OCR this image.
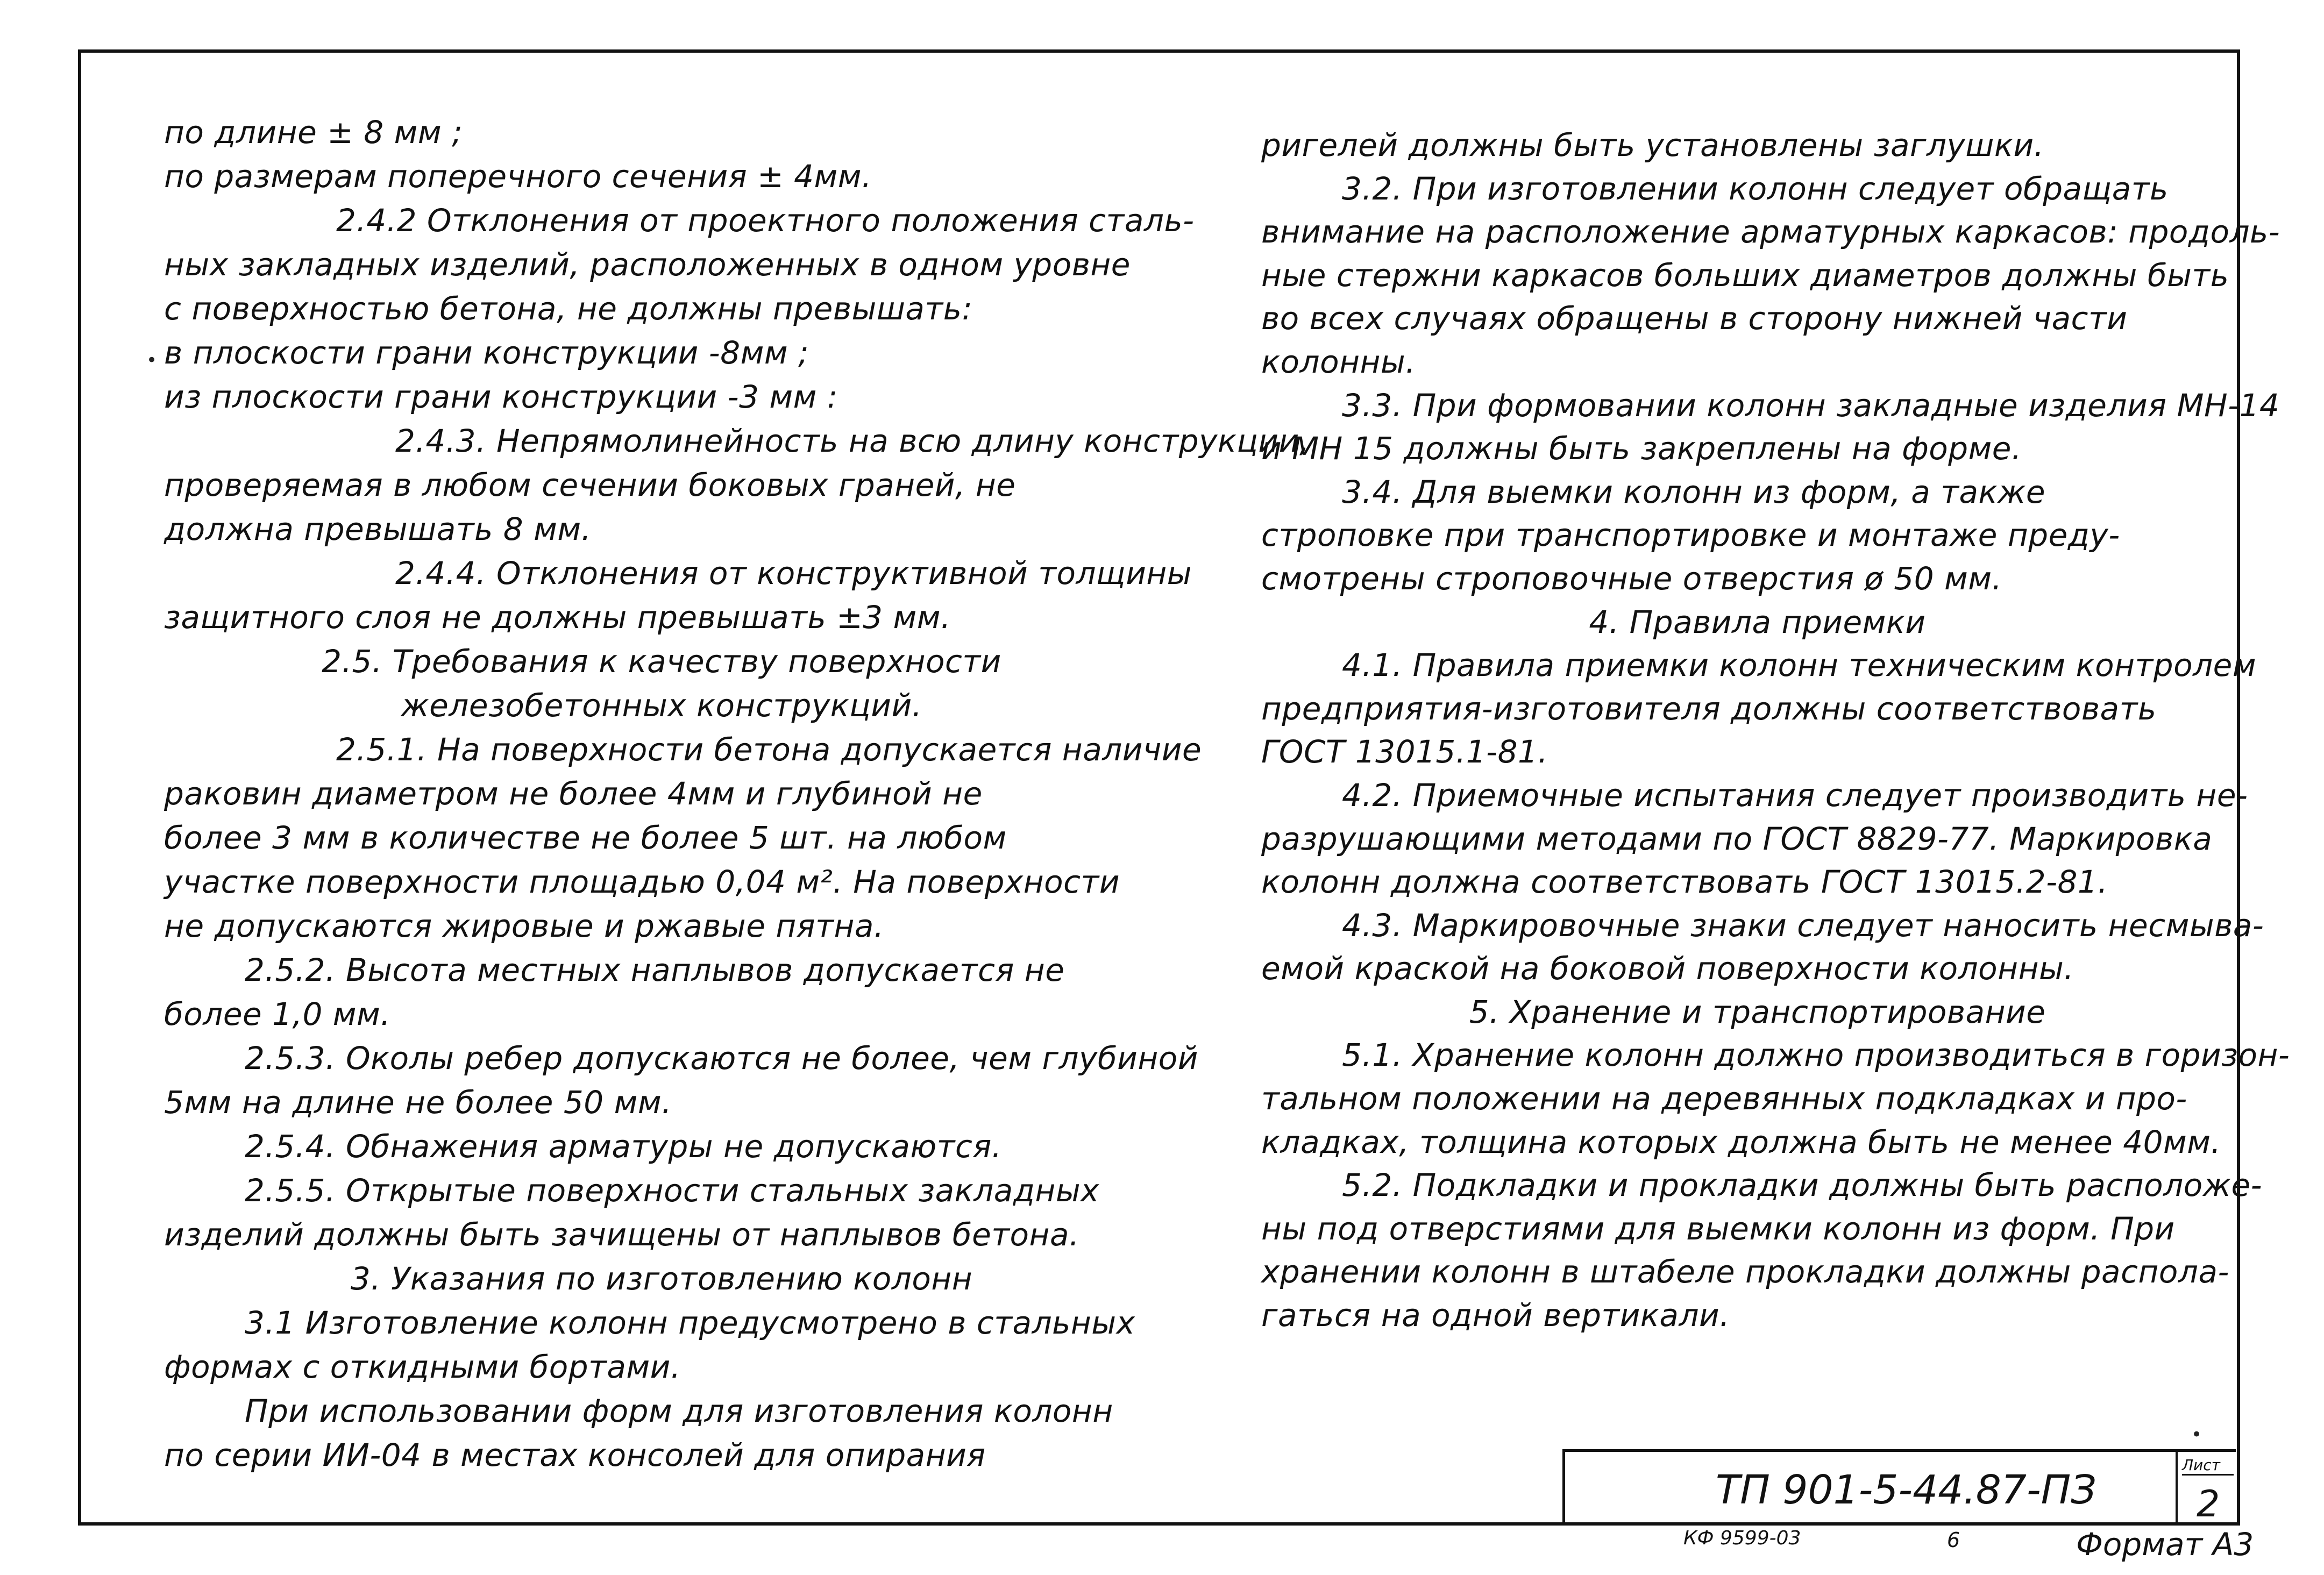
по длине ± 8 мм ;
по размерам поперечного сечения ± 4мм.
2.4.2 Отклонения от проектного положения сталь-
ных закладных изделий, расположенных в одном уровне
с поверхностью бетона, не должны превышать:
в плоскости грани конструкции -8мм ;
из плоскости грани конструкции -3 мм :
2.4.3. Непрямолинейность на всю длину конструкции,
проверяемая в любом сечении боковых граней, не
должна превышать 8 мм.
2.4.4. Отклонения от конструктивной толщины
защитного слоя не должны превышать ±3 мм.
2.5. Требования к качеству поверхности
железобетонных конструкций.
2.5.1. На поверхности бетона допускается наличие
раковин диаметром не более 4мм и глубиной не
более 3 мм в количестве не более 5 шт. на любом
участке поверхности площадью 0,04 м². На поверхности
не допускаются жировые и ржавые пятна.
2.5.2. Высота местных наплывов допускается не
более 1,0 мм.
2.5.3. Околы ребер допускаются не более, чем глубиной
5мм на длине не более 50 мм.
2.5.4. Обнажения арматуры не допускаются.
2.5.5. Открытые поверхности стальных закладных
изделий должны быть зачищены от наплывов бетона.
3. Указания по изготовлению колонн
3.1 Изготовление колонн предусмотрено в стальных
формах с откидными бортами.
При использовании форм для изготовления колонн
по серии ИИ-04 в местах консолей для опирания
ригелей должны быть установлены заглушки.
3.2. При изготовлении колонн следует обращать
внимание на расположение арматурных каркасов: продоль-
ные стержни каркасов больших диаметров должны быть
во всех случаях обращены в сторону нижней части
колонны.
3.3. При формовании колонн закладные изделия МН-14
и МН 15 должны быть закреплены на форме.
3.4. Для выемки колонн из форм, а также
строповке при транспортировке и монтаже преду-
смотрены строповочные отверстия ø 50 мм.
4. Правила приемки
4.1. Правила приемки колонн техническим контролем
предприятия-изготовителя должны соответствовать
ГОСТ 13015.1-81.
4.2. Приемочные испытания следует производить не-
разрушающими методами по ГОСТ 8829-77. Маркировка
колонн должна соответствовать ГОСТ 13015.2-81.
4.3. Маркировочные знаки следует наносить несмыва-
емой краской на боковой поверхности колонны.
5. Хранение и транспортирование
5.1. Хранение колонн должно производиться в горизон-
тальном положении на деревянных подкладках и про-
кладках, толщина которых должна быть не менее 40мм.
5.2. Подкладки и прокладки должны быть расположе-
ны под отверстиями для выемки колонн из форм. При
хранении колонн в штабеле прокладки должны распола-
гаться на одной вертикали.
ТП 901-5-44.87-ПЗ
Лист
2
КФ 9599-03	6	Формат А3
•
•
